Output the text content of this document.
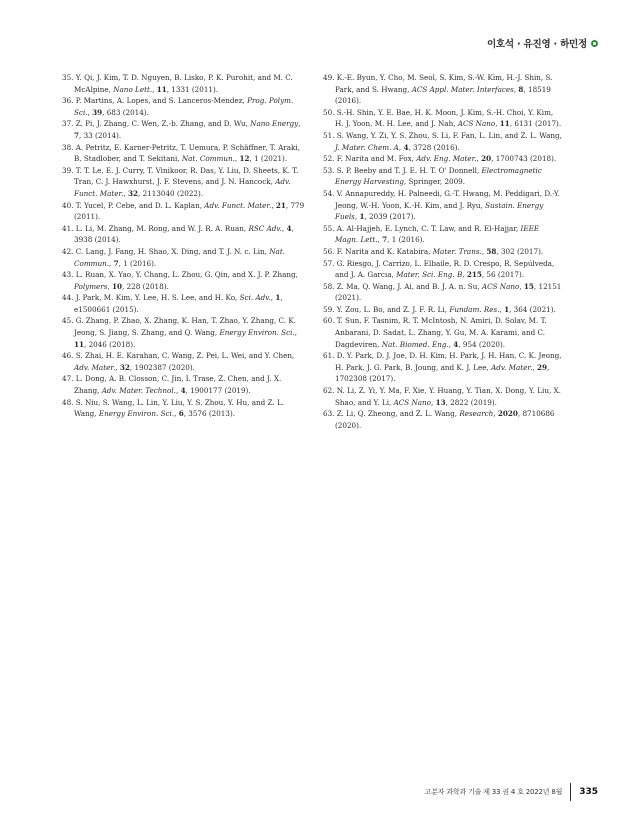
이호석 · 유진영 · 하민정

35. Y. Qi, J. Kim, T. D. Nguyen, B. Lisko, P. K. Purohit, and M. C. McAlpine, Nano Lett., 11, 1331 (2011).

36. P. Martins, A. Lopes, and S. Lanceros-Mendez, Prog. Polym. Sci., 39, 683 (2014).

37. Z. Pi, J. Zhang, C. Wen, Z.-b. Zhang, and D. Wu, Nano Energy, 7, 33 (2014).

38. A. Petritz, E. Karner-Petritz, T. Uemura, P. Schäffner, T. Araki, B. Stadlober, and T. Sekitani, Nat. Commun., 12, 1 (2021).

39. T. T. Le, E. J. Curry, T. Vinikoor, R. Das, Y. Liu, D. Sheets, K. T. Tran, C. J. Hawxhurst, J. F. Stevens, and J. N. Hancock, Adv. Funct. Mater., 32, 2113040 (2022).

40. T. Yucel, P. Cebe, and D. L. Kaplan, Adv. Funct. Mater., 21, 779 (2011).

41. L. Li, M. Zhang, M. Rong, and W. J. R. A. Ruan, RSC Adv., 4, 3938 (2014).

42. C. Lang, J. Fang, H. Shao, X. Ding, and T. J. N. c. Lin, Nat. Commun., 7, 1 (2016).

43. L. Ruan, X. Yao, Y. Chang, L. Zhou, G. Qin, and X. J. P. Zhang, Polymers, 10, 228 (2018).

44. J. Park, M. Kim, Y. Lee, H. S. Lee, and H. Ko, Sci. Adv., 1, e1500661 (2015).

45. G. Zhang, P. Zhao, X. Zhang, K. Han, T. Zhao, Y. Zhang, C. K. Jeong, S. Jiang, S. Zhang, and Q. Wang, Energy Environ. Sci., 11, 2046 (2018).

46. S. Zhai, H. E. Karahan, C. Wang, Z. Pei, L. Wei, and Y. Chen, Adv. Mater., 32, 1902387 (2020).

47. L. Dong, A. B. Closson, C. Jin, I. Trase, Z. Chen, and J. X. Zhang, Adv. Mater. Technol., 4, 1900177 (2019).

48. S. Niu, S. Wang, L. Lin, Y. Liu, Y. S. Zhou, Y. Hu, and Z. L. Wang, Energy Environ. Sci., 6, 3576 (2013).

49. K.-E. Byun, Y. Cho, M. Seol, S. Kim, S.-W. Kim, H.-J. Shin, S. Park, and S. Hwang, ACS Appl. Mater. Interfaces, 8, 18519 (2016).

50. S.-H. Shin, Y. E. Bae, H. K. Moon, J. Kim, S.-H. Choi, Y. Kim, H. J. Yoon, M. H. Lee, and J. Nah, ACS Nano, 11, 6131 (2017).

51. S. Wang, Y. Zi, Y. S. Zhou, S. Li, F. Fan, L. Lin, and Z. L. Wang, J. Mater. Chem. A, 4, 3728 (2016).

52. F. Narita and M. Fox, Adv. Eng. Mater., 20, 1700743 (2018).

53. S. P. Beeby and T. J. E. H. T. O' Donnell, Electromagnetic Energy Harvesting, Springer, 2009.

54. V. Annapureddy, H. Palneedi, G.-T. Hwang, M. Peddigari, D.-Y. Jeong, W.-H. Yoon, K.-H. Kim, and J. Ryu, Sustain. Energy Fuels, 1, 2039 (2017).

55. A. Al-Hajjeh, E. Lynch, C. T. Law, and R. El-Hajjar, IEEE Magn. Lett., 7, 1 (2016).

56. F. Narita and K. Katabira, Mater. Trans., 58, 302 (2017).

57. G. Riesgo, J. Carrizo, L. Elbaile, R. D. Crespo, R. Sepúlveda, and J. A. Garcıa, Mater. Sci. Eng. B, 215, 56 (2017).

58. Z. Ma, Q. Wang, J. Ai, and B. J. A. n. Su, ACS Nano, 15, 12151 (2021).

59. Y. Zou, L. Bo, and Z. J. F. R. Li, Fundam. Res., 1, 364 (2021).

60. T. Sun, F. Tasnim, R. T. McIntosh, N. Amiri, D. Solav, M. T. Anbarani, D. Sadat, L. Zhang, Y. Gu, M. A. Karami, and C. Dagdeviren, Nat. Biomed. Eng., 4, 954 (2020).

61. D. Y. Park, D. J. Joe, D. H. Kim, H. Park, J. H. Han, C. K. Jeong, H. Park, J. G. Park, B. Joung, and K. J. Lee, Adv. Mater., 29, 1702308 (2017).

62. N. Li, Z. Yi, Y. Ma, F. Xie, Y. Huang, Y. Tian, X. Dong, Y. Liu, X. Shao, and Y. Li, ACS Nano, 13, 2822 (2019).

63. Z. Li, Q. Zheong, and Z. L. Wang, Research, 2020, 8710686 (2020).

고분자 과학과 기술 제 33 권 4 호 2022년 8월 335
